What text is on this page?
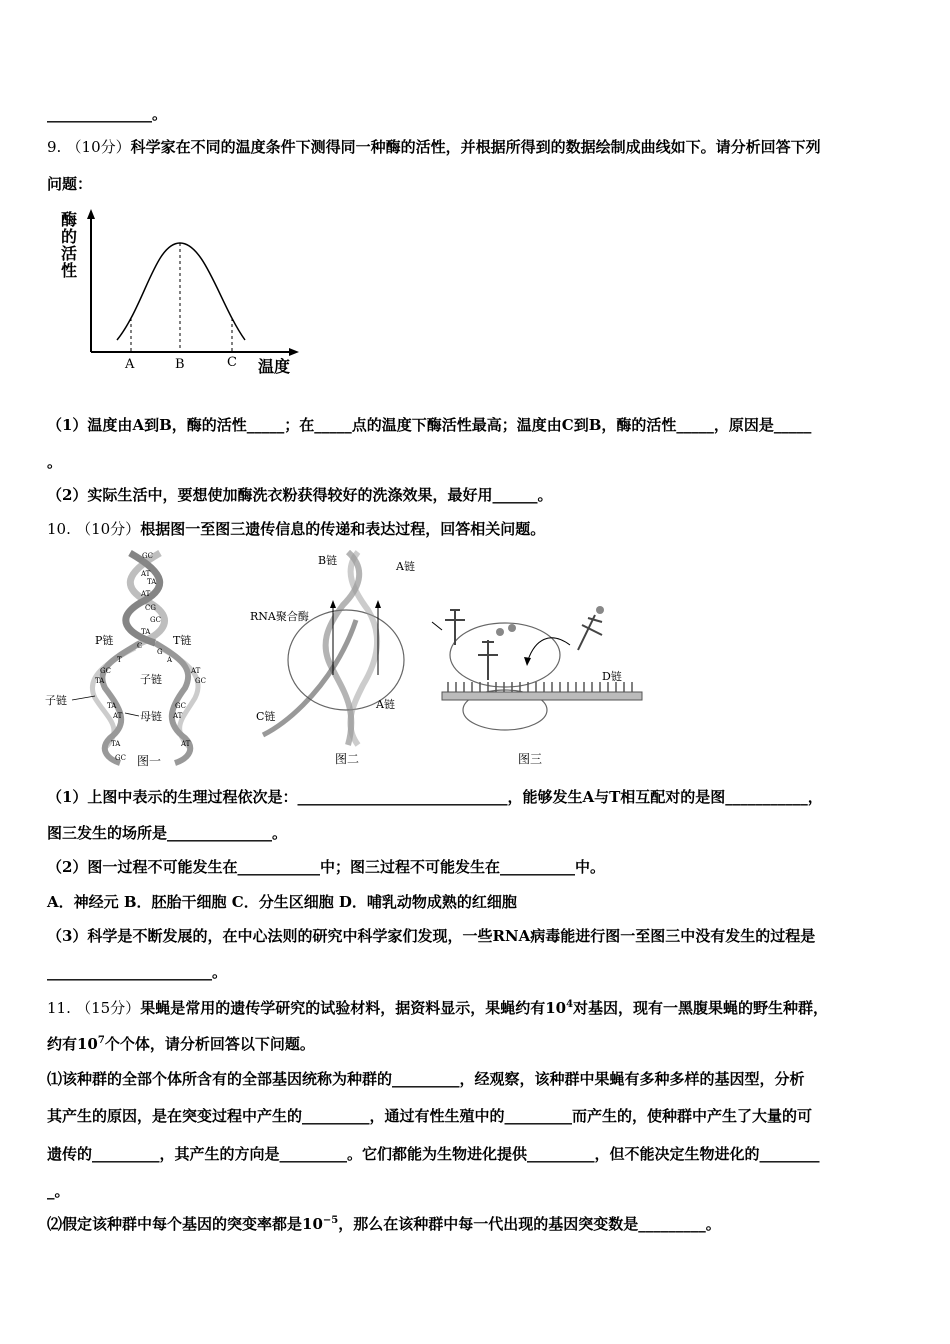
______________。
9. （10分）科学家在不同的温度条件下测得同一种酶的活性，并根据所得到的数据绘制成曲线如下。请分析回答下列
问题：
酶
的
活
性
A	B	C 温度
（1）温度由A到B，酶的活性_____；在_____点的温度下酶活性最高；温度由C到B，酶的活性_____，原因是_____
。
（2）实际生活中，要想使加酶洗衣粉获得较好的洗涤效果，最好用______。
10. （10分）根据图一至图三遗传信息的传递和表达过程，回答相关问题。
GC
AT
TA
AT
CG
GC
TA
C
G
T	A
GC
TA
AT
GC
TA
AT
GC
AT
TA	AT
GC
P链	T链
子链
子链
母链
图一
B链	A链
RNA聚合酶
C链
A链
图二
D链
图三
（1）上图中表示的生理过程依次是：____________________________，能够发生A与T相互配对的是图___________，
图三发生的场所是______________。
（2）图一过程不可能发生在___________中；图三过程不可能发生在__________中。
A．神经元 B．胚胎干细胞 C．分生区细胞 D．哺乳动物成熟的红细胞
（3）科学是不断发展的，在中心法则的研究中科学家们发现，一些RNA病毒能进行图一至图三中没有发生的过程是
______________________。
11. （15分）果蝇是常用的遗传学研究的试验材料，据资料显示，果蝇约有$10^4$对基因，现有一黑腹果蝇的野生种群，
约有$10^7$个个体，请分析回答以下问题。
⑴该种群的全部个体所含有的全部基因统称为种群的_________，经观察，该种群中果蝇有多种多样的基因型，分析
其产生的原因，是在突变过程中产生的_________，通过有性生殖中的_________而产生的，使种群中产生了大量的可
遗传的_________，其产生的方向是_________。它们都能为生物进化提供_________，但不能决定生物进化的________
_。
⑵假定该种群中每个基因的突变率都是$10^{-5}$，那么在该种群中每一代出现的基因突变数是_________。
